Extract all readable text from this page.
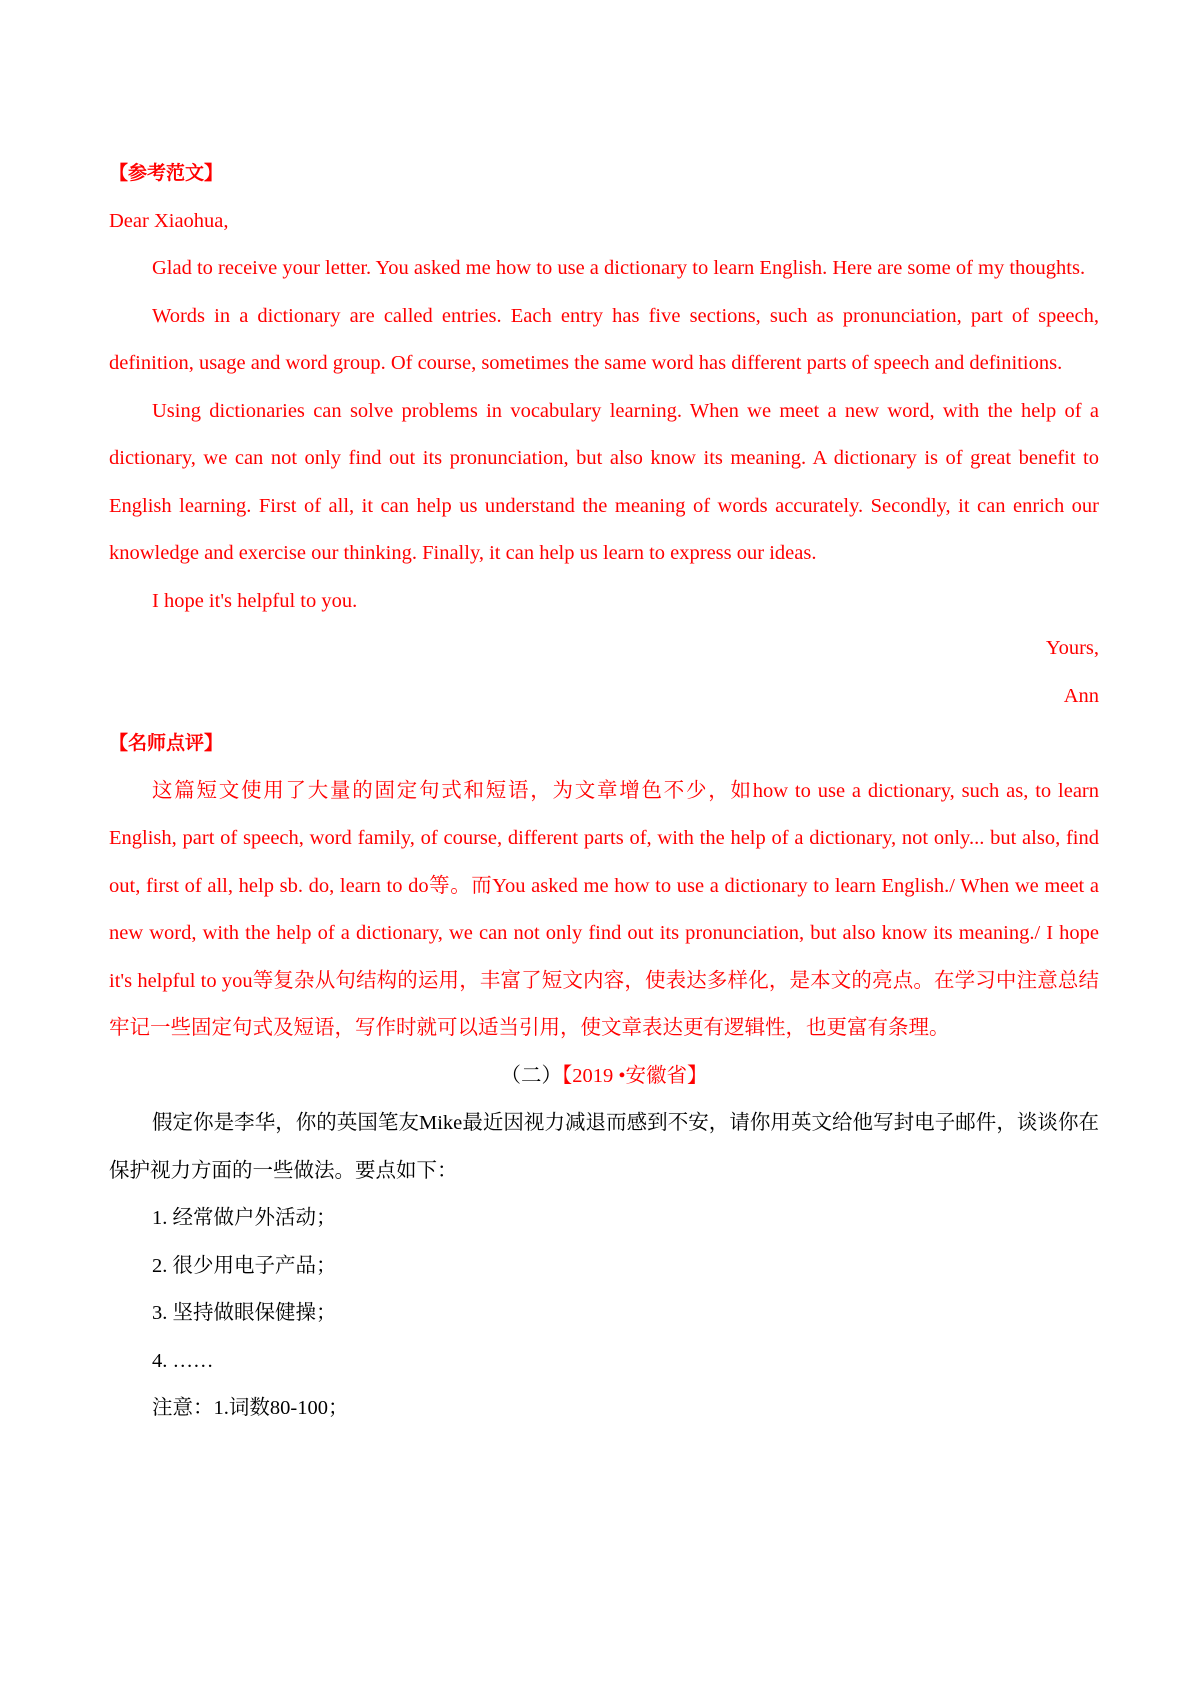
【参考范文】

Dear Xiaohua,

Glad to receive your letter. You asked me how to use a dictionary to learn English. Here are some of my thoughts.

Words in a dictionary are called entries. Each entry has five sections, such as pronunciation, part of speech, definition, usage and word group. Of course, sometimes the same word has different parts of speech and definitions.

Using dictionaries can solve problems in vocabulary learning. When we meet a new word, with the help of a dictionary, we can not only find out its pronunciation, but also know its meaning. A dictionary is of great benefit to English learning. First of all, it can help us understand the meaning of words accurately. Secondly, it can enrich our knowledge and exercise our thinking. Finally, it can help us learn to express our ideas.

I hope it's helpful to you.

Yours,

Ann

【名师点评】

这篇短文使用了大量的固定句式和短语，为文章增色不少，如how to use a dictionary, such as, to learn English, part of speech, word family, of course, different parts of, with the help of a dictionary, not only... but also, find out, first of all, help sb. do, learn to do等。而You asked me how to use a dictionary to learn English./ When we meet a new word, with the help of a dictionary, we can not only find out its pronunciation, but also know its meaning./ I hope it's helpful to you等复杂从句结构的运用，丰富了短文内容，使表达多样化，是本文的亮点。在学习中注意总结牢记一些固定句式及短语，写作时就可以适当引用，使文章表达更有逻辑性，也更富有条理。

（二）【2019 •安徽省】

假定你是李华，你的英国笔友Mike最近因视力减退而感到不安，请你用英文给他写封电子邮件，谈谈你在保护视力方面的一些做法。要点如下：

1. 经常做户外活动；

2. 很少用电子产品；

3. 坚持做眼保健操；

4. ……

注意：1.词数80-100；
